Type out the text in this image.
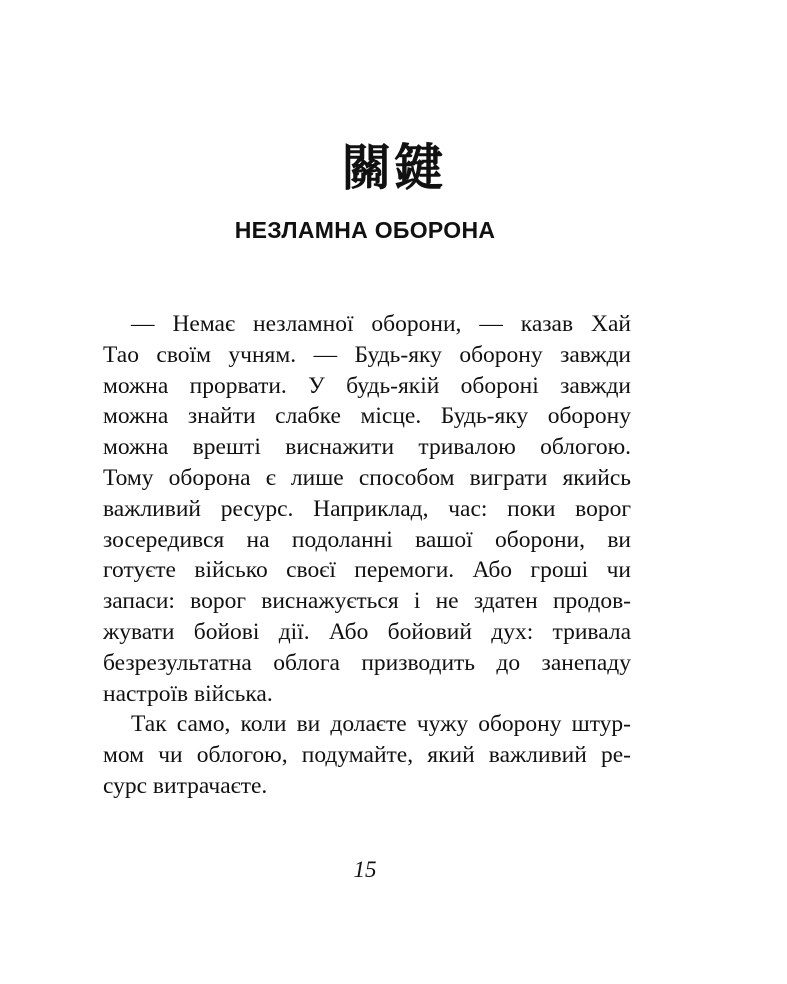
關鍵
НЕЗЛАМНА ОБОРОНА
— Немає незламної оборони, — казав Хай
Тао своїм учням. — Будь-яку оборону завжди
можна прорвати. У будь-якій обороні завжди
можна знайти слабке місце. Будь-яку оборону
можна врешті виснажити тривалою облогою.
Тому оборона є лише способом виграти якийсь
важливий ресурс. Наприклад, час: поки ворог
зосередився на подоланні вашої оборони, ви
готуєте військо своєї перемоги. Або гроші чи
запаси: ворог виснажується і не здатен продов-
жувати бойові дії. Або бойовий дух: тривала
безрезультатна облога призводить до занепаду
настроїв війська.
Так само, коли ви долаєте чужу оборону штур-
мом чи облогою, подумайте, який важливий ре-
сурс витрачаєте.
15
